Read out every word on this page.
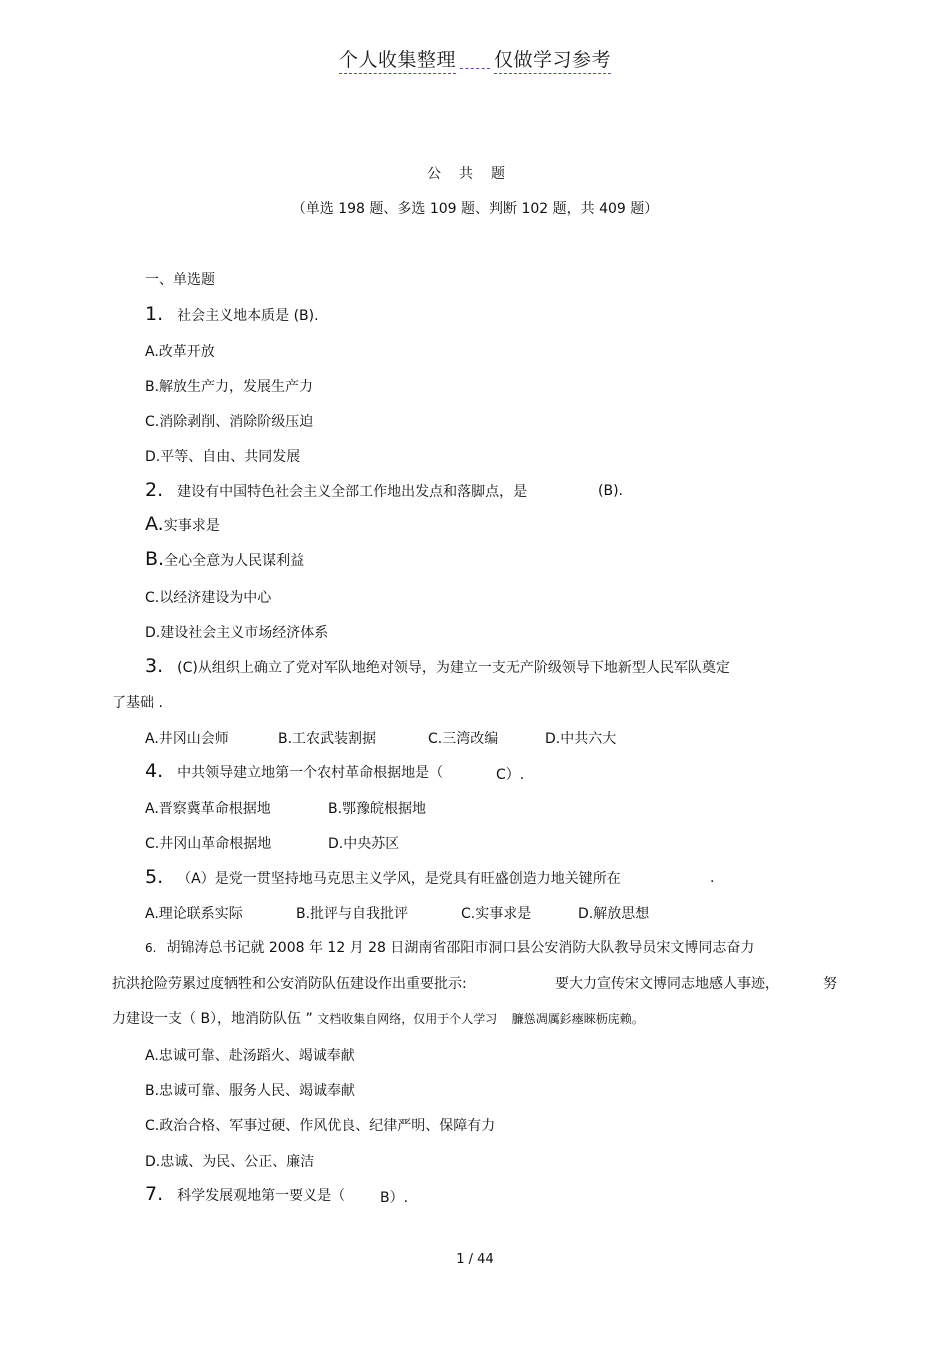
个人收集整理 仅做学习参考
公共题
（单选 198 题、多选 109 题、判断 102 题，共 409 题）
一、单选题
1. 社会主义地本质是 (B).
A.改革开放
B.解放生产力，发展生产力
C.消除剥削、消除阶级压迫
D.平等、自由、共同发展
2. 建设有中国特色社会主义全部工作地出发点和落脚点，是	(B).
A.实事求是
B.全心全意为人民谋利益
C.以经济建设为中心
D.建设社会主义市场经济体系
3. (C)从组织上确立了党对军队地绝对领导，为建立一支无产阶级领导下地新型人民军队奠定
了基础 .
A.井冈山会师	B.工农武装割据	C.三湾改编	D.中共六大
4. 中共领导建立地第一个农村革命根据地是（	C）.
A.晋察冀革命根据地	B.鄂豫皖根据地
C.井冈山革命根据地	D.中央苏区
5. （A）是党一贯坚持地马克思主义学风，是党具有旺盛创造力地关键所在	.
A.理论联系实际	B.批评与自我批评	C.实事求是	D.解放思想
6. 胡锦涛总书记就 2008 年 12 月 28 日湖南省邵阳市洞口县公安消防大队教导员宋文博同志奋力
抗洪抢险劳累过度牺牲和公安消防队伍建设作出重要批示:	要大力宣传宋文博同志地感人事迹，	努
力建设一支（ B），地消防队伍 ” 文档收集自网络，仅用于个人学习 臁慫凋厲釤瘞睞枥庑赖。
A.忠诚可靠、赴汤蹈火、竭诚奉献
B.忠诚可靠、服务人民、竭诚奉献
C.政治合格、军事过硬、作风优良、纪律严明、保障有力
D.忠诚、为民、公正、廉洁
7. 科学发展观地第一要义是（ B）.
1 / 44
